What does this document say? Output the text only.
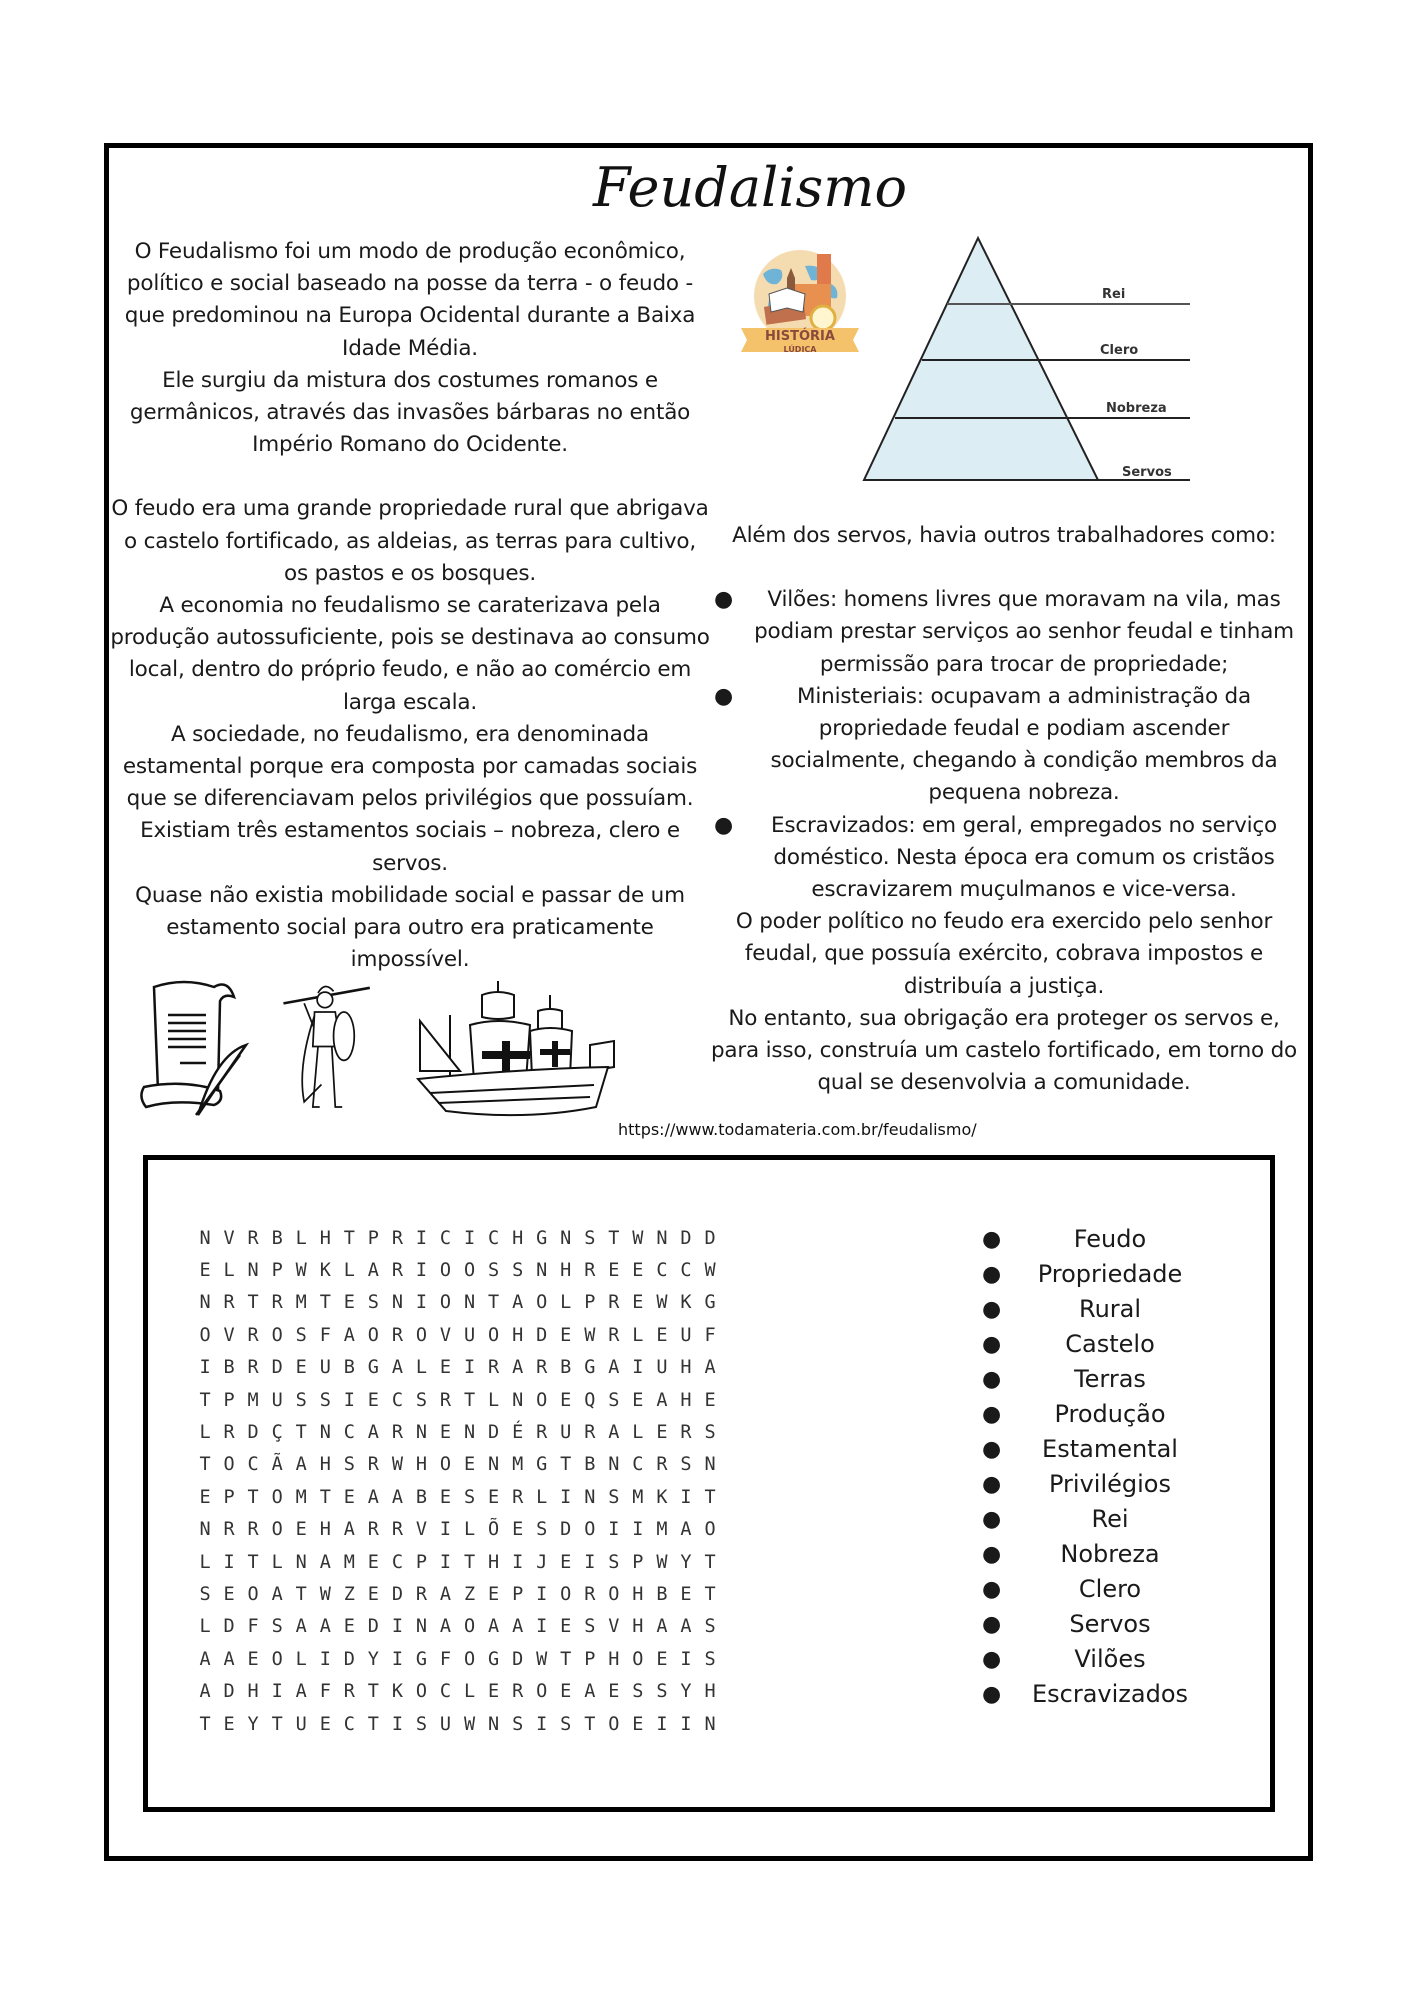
Feudalismo

O Feudalismo foi um modo de produção econômico, político e social baseado na posse da terra - o feudo - que predominou na Europa Ocidental durante a Baixa Idade Média.

Ele surgiu da mistura dos costumes romanos e germânicos, através das invasões bárbaras no então Império Romano do Ocidente.

O feudo era uma grande propriedade rural que abrigava o castelo fortificado, as aldeias, as terras para cultivo, os pastos e os bosques.

A economia no feudalismo se caraterizava pela produção autossuficiente, pois se destinava ao consumo local, dentro do próprio feudo, e não ao comércio em larga escala.

A sociedade, no feudalismo, era denominada estamental porque era composta por camadas sociais que se diferenciavam pelos privilégios que possuíam.

Existiam três estamentos sociais – nobreza, clero e servos.

Quase não existia mobilidade social e passar de um estamento social para outro era praticamente impossível.

HISTÓRIA
LÚDICA
Rei
Clero
Nobreza
Servos

Além dos servos, havia outros trabalhadores como:

● Vilões: homens livres que moravam na vila, mas podiam prestar serviços ao senhor feudal e tinham permissão para trocar de propriedade;
●	Ministeriais: ocupavam a administração da propriedade feudal e podiam ascender socialmente, chegando à condição membros da pequena nobreza.
● Escravizados: em geral, empregados no serviço doméstico. Nesta época era comum os cristãos escravizarem muçulmanos e vice-versa.

O poder político no feudo era exercido pelo senhor feudal, que possuía exército, cobrava impostos e distribuía a justiça.

No entanto, sua obrigação era proteger os servos e, para isso, construía um castelo fortificado, em torno do qual se desenvolvia a comunidade.

https://www.todamateria.com.br/feudalismo/
N V R B L H T P R I C I C H G N S T W N D D
E L N P W K L A R I O O S S N H R E E C C W
N R T R M T E S N I O N T A O L P R E W K G
O V R O S F A O R O V U O H D E W R L E U F
I B R D E U B G A L E I R A R B G A I U H A
T P M U S S I E C S R T L N O E Q S E A H E
L R D Ç T N C A R N E N D É R U R A L E R S
T O C Ã A H S R W H O E N M G T B N C R S N
E P T O M T E A A B E S E R L I N S M K I T
N R R O E H A R R V I L Õ E S D O I I M A O
L I T L N A M E C P I T H I J E I S P W Y T
S E O A T W Z E D R A Z E P I O R O H B E T
L D F S A A E D I N A O A A I E S V H A A S
A A E O L I D Y I G F O G D W T P H O E I S
A D H I A F R T K O C L E R O E A E S S Y H
T E Y T U E C T I S U W N S I S T O E I I N
●	Feudo
● Propriedade
●	Rural
●	Castelo
●	Terras
● Produção
● Estamental
● Privilégios
●	Rei
● Nobreza
●	Clero
●	Servos
●	Vilões
● Escravizados
